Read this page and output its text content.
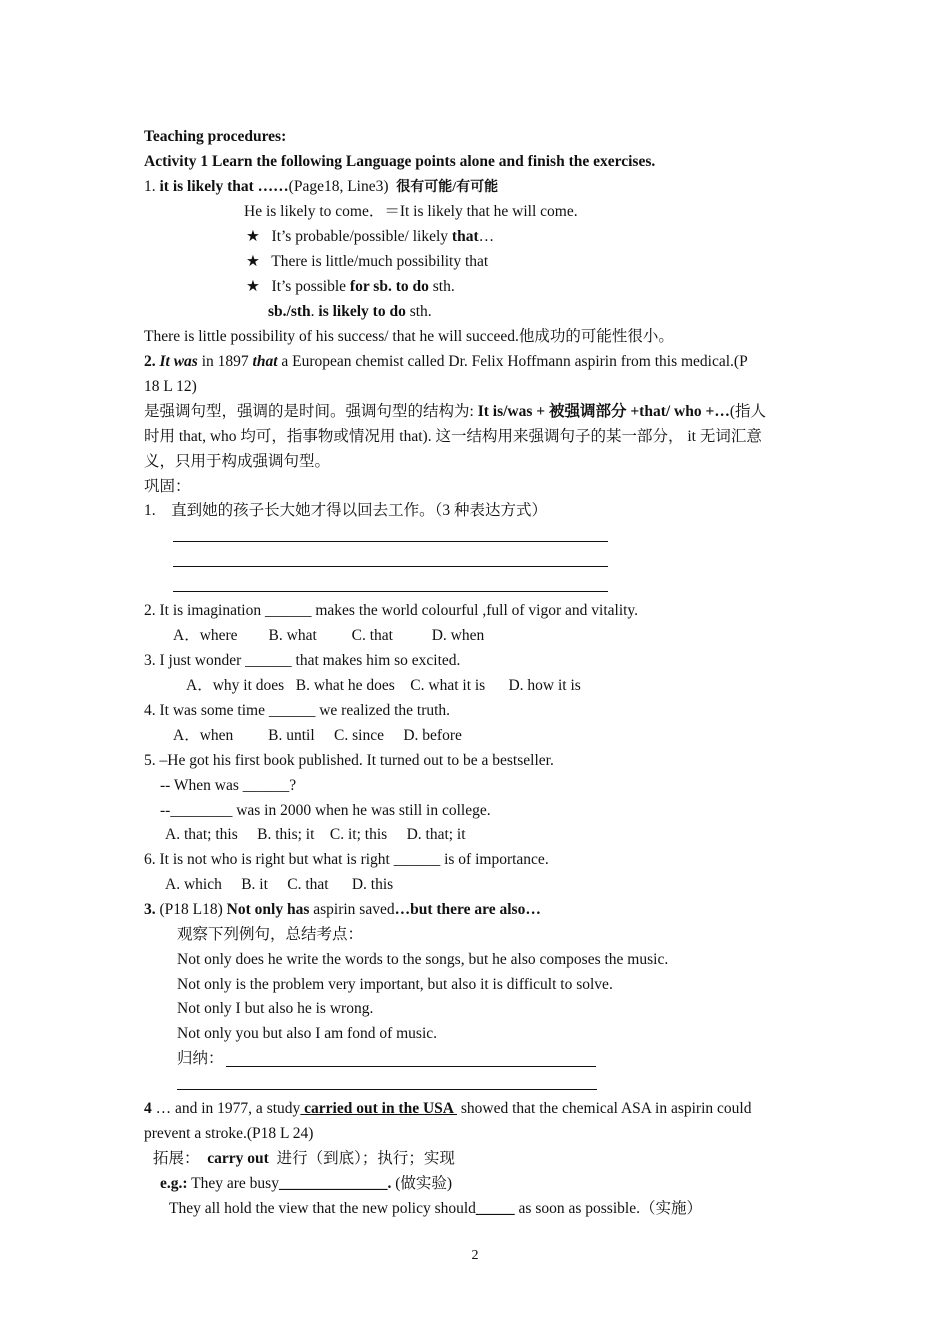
Teaching procedures:
Activity 1 Learn the following Language points alone and finish the exercises.
1. it is likely that ……(Page18, Line3)  很有可能/有可能
He is likely to come．＝It is likely that he will come.
★ It’s probable/possible/ likely that…
★ There is little/much possibility that
★ It’s possible for sb. to do sth.
sb./sth. is likely to do sth.
There is little possibility of his success/ that he will succeed.他成功的可能性很小。
2. It was in 1897 that a European chemist called Dr. Felix Hoffmann aspirin from this medical.(P
18 L 12)
是强调句型，强调的是时间。强调句型的结构为: It is/was + 被强调部分 +that/ who +…(指人
时用 that, who 均可，指事物或情况用 that). 这一结构用来强调句子的某一部分， it 无词汇意
义，只用于构成强调句型。
巩固：
1.    直到她的孩子长大她才得以回去工作。（3 种表达方式）
2. It is imagination ______ makes the world colourful ,full of vigor and vitality.
A．where        B. what         C. that          D. when
3. I just wonder ______ that makes him so excited.
A．why it does   B. what he does    C. what it is      D. how it is
4. It was some time ______ we realized the truth.
A．when         B. until     C. since     D. before
5. –He got his first book published. It turned out to be a bestseller.
-- When was ______?
--________ was in 2000 when he was still in college.
A. that; this     B. this; it    C. it; this     D. that; it
6. It is not who is right but what is right ______ is of importance.
A. which     B. it     C. that      D. this
3. (P18 L18) Not only has aspirin saved…but there are also…
观察下列例句，总结考点：
Not only does he write the words to the songs, but he also composes the music.
Not only is the problem very important, but also it is difficult to solve.
Not only I but also he is wrong.
Not only you but also I am fond of music.
归纳：
4 … and in 1977, a study carried out in the USA  showed that the chemical ASA in aspirin could
prevent a stroke.(P18 L 24)
拓展：  carry out  进行（到底）；执行；实现
e.g.: They are busy______________. (做实验)
They all hold the view that the new policy should_____ as soon as possible.（实施）
2
